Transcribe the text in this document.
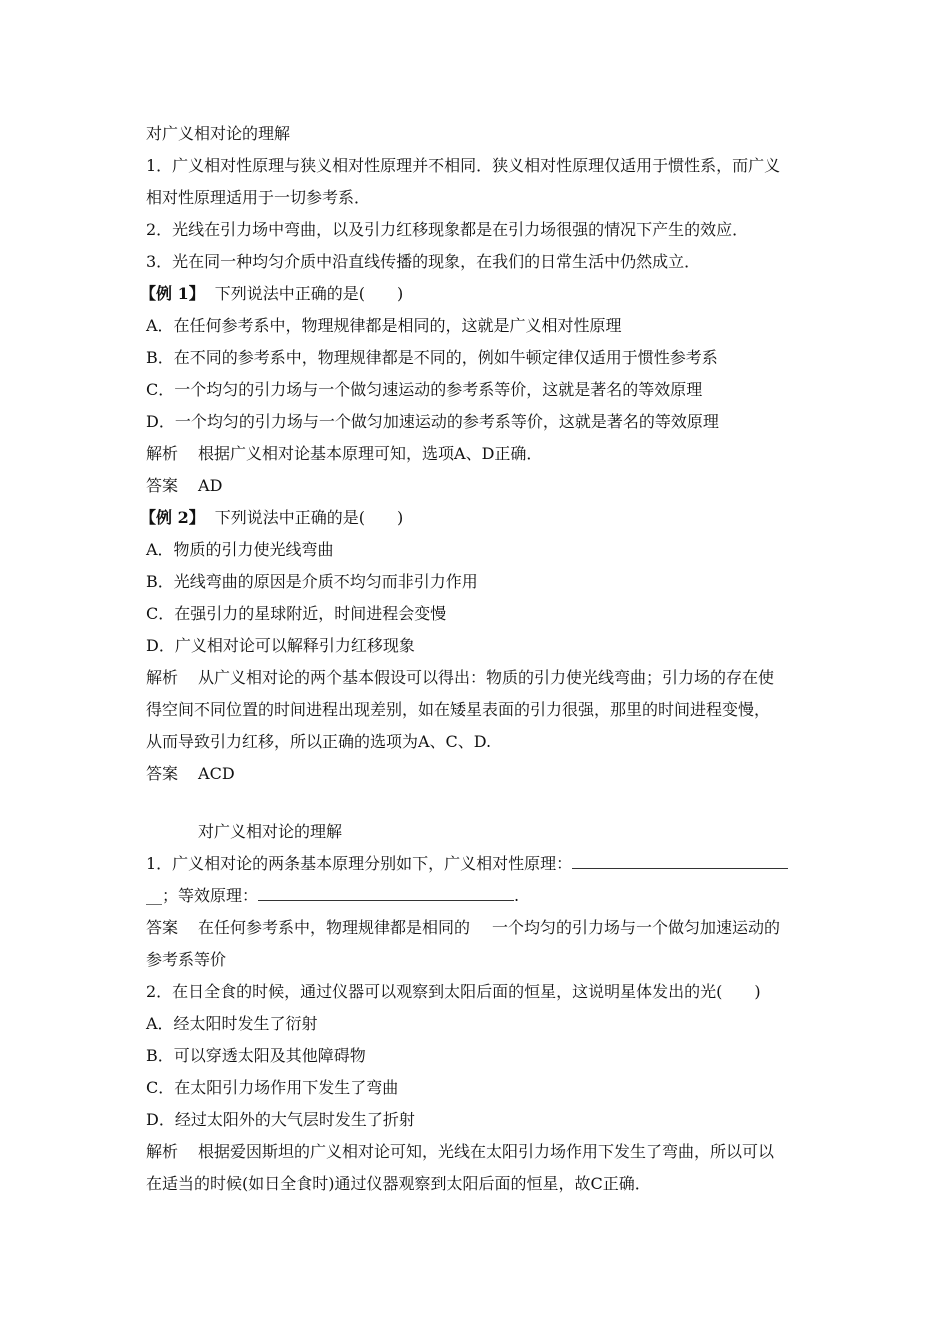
对广义相对论的理解
1．广义相对性原理与狭义相对性原理并不相同．狭义相对性原理仅适用于惯性系，而广义
相对性原理适用于一切参考系．
2．光线在引力场中弯曲，以及引力红移现象都是在引力场很强的情况下产生的效应．
3．光在同一种均匀介质中沿直线传播的现象，在我们的日常生活中仍然成立．
【例 1】 下列说法中正确的是(　　)
A．在任何参考系中，物理规律都是相同的，这就是广义相对性原理
B．在不同的参考系中，物理规律都是不同的，例如牛顿定律仅适用于惯性参考系
C．一个均匀的引力场与一个做匀速运动的参考系等价，这就是著名的等效原理
D．一个均匀的引力场与一个做匀加速运动的参考系等价，这就是著名的等效原理
解析 根据广义相对论基本原理可知，选项A、D正确．
答案 AD
【例 2】 下列说法中正确的是(　　)
A．物质的引力使光线弯曲
B．光线弯曲的原因是介质不均匀而非引力作用
C．在强引力的星球附近，时间进程会变慢
D．广义相对论可以解释引力红移现象
解析 从广义相对论的两个基本假设可以得出：物质的引力使光线弯曲；引力场的存在使
得空间不同位置的时间进程出现差别，如在矮星表面的引力很强，那里的时间进程变慢，
从而导致引力红移，所以正确的选项为A、C、D.
答案 ACD
对广义相对论的理解
1．广义相对论的两条基本原理分别如下，广义相对性原理：
__；等效原理：	.
答案 在任何参考系中，物理规律都是相同的 一个均匀的引力场与一个做匀加速运动的
参考系等价
2．在日全食的时候，通过仪器可以观察到太阳后面的恒星，这说明星体发出的光(　　)
A．经太阳时发生了衍射
B．可以穿透太阳及其他障碍物
C．在太阳引力场作用下发生了弯曲
D．经过太阳外的大气层时发生了折射
解析 根据爱因斯坦的广义相对论可知，光线在太阳引力场作用下发生了弯曲，所以可以
在适当的时候(如日全食时)通过仪器观察到太阳后面的恒星，故C正确．
